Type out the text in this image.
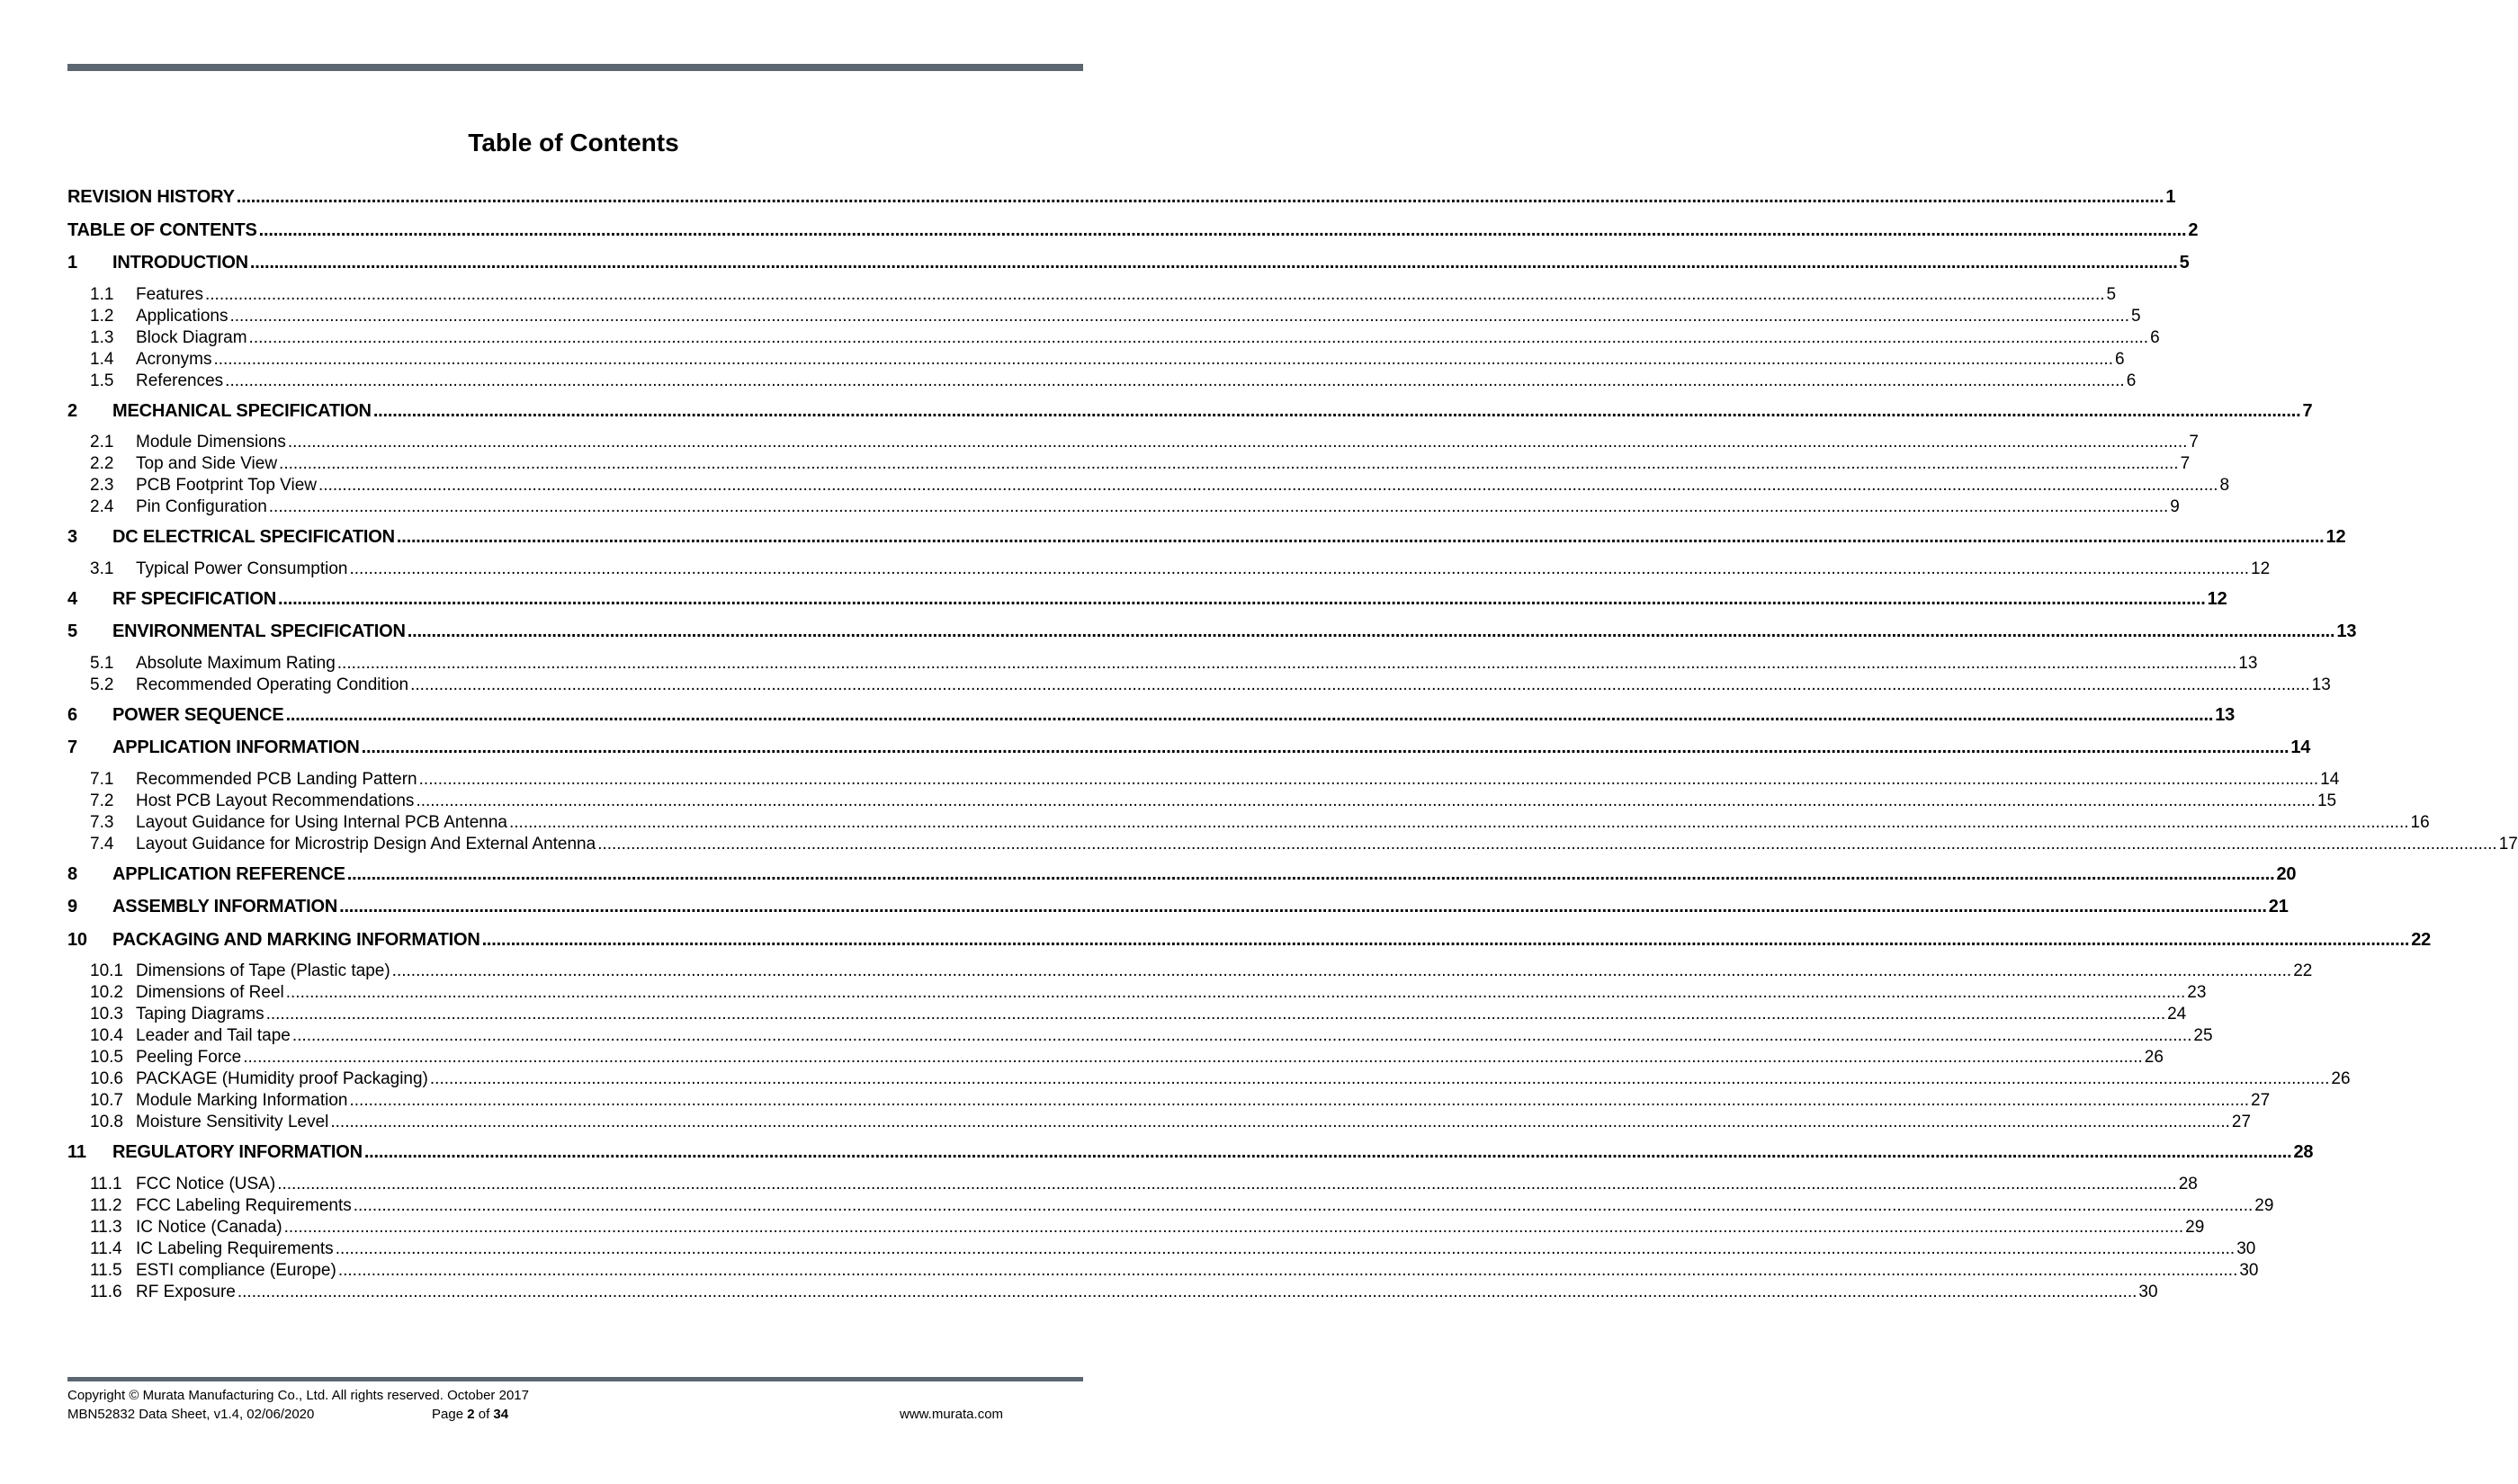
Table of Contents
REVISION HISTORY ................................................................................................................................................................................................................................................................................................................................................................................................................ 1
TABLE OF CONTENTS ................................................................................................................................................................................................................................................................................................................................................................................................................ 2
1	INTRODUCTION ................................................................................................................................................................................................................................................................................................................................................................................................................ 5
1.1	Features ................................................................................................................................................................................................................................................................................................................................................................................................................ 5
1.2	Applications ................................................................................................................................................................................................................................................................................................................................................................................................................ 5
1.3	Block Diagram ................................................................................................................................................................................................................................................................................................................................................................................................................ 6
1.4	Acronyms ................................................................................................................................................................................................................................................................................................................................................................................................................ 6
1.5	References ................................................................................................................................................................................................................................................................................................................................................................................................................ 6
2	MECHANICAL SPECIFICATION ................................................................................................................................................................................................................................................................................................................................................................................................................ 7
2.1	Module Dimensions ................................................................................................................................................................................................................................................................................................................................................................................................................ 7
2.2	Top and Side View ................................................................................................................................................................................................................................................................................................................................................................................................................ 7
2.3	PCB Footprint Top View ................................................................................................................................................................................................................................................................................................................................................................................................................ 8
2.4	Pin Configuration ................................................................................................................................................................................................................................................................................................................................................................................................................ 9
3	DC ELECTRICAL SPECIFICATION ................................................................................................................................................................................................................................................................................................................................................................................................................ 12
3.1	Typical Power Consumption ................................................................................................................................................................................................................................................................................................................................................................................................................ 12
4	RF SPECIFICATION ................................................................................................................................................................................................................................................................................................................................................................................................................ 12
5	ENVIRONMENTAL SPECIFICATION ................................................................................................................................................................................................................................................................................................................................................................................................................ 13
5.1	Absolute Maximum Rating ................................................................................................................................................................................................................................................................................................................................................................................................................ 13
5.2	Recommended Operating Condition ................................................................................................................................................................................................................................................................................................................................................................................................................ 13
6	POWER SEQUENCE ................................................................................................................................................................................................................................................................................................................................................................................................................ 13
7	APPLICATION INFORMATION ................................................................................................................................................................................................................................................................................................................................................................................................................ 14
7.1	Recommended PCB Landing Pattern ................................................................................................................................................................................................................................................................................................................................................................................................................ 14
7.2	Host PCB Layout Recommendations ................................................................................................................................................................................................................................................................................................................................................................................................................ 15
7.3	Layout Guidance for Using Internal PCB Antenna ................................................................................................................................................................................................................................................................................................................................................................................................................ 16
7.4	Layout Guidance for Microstrip Design And External Antenna ................................................................................................................................................................................................................................................................................................................................................................................................................ 17
8	APPLICATION REFERENCE ................................................................................................................................................................................................................................................................................................................................................................................................................ 20
9	ASSEMBLY INFORMATION ................................................................................................................................................................................................................................................................................................................................................................................................................ 21
10	PACKAGING AND MARKING INFORMATION ................................................................................................................................................................................................................................................................................................................................................................................................................ 22
10.1 Dimensions of Tape (Plastic tape) ................................................................................................................................................................................................................................................................................................................................................................................................................ 22
10.2 Dimensions of Reel ................................................................................................................................................................................................................................................................................................................................................................................................................ 23
10.3 Taping Diagrams ................................................................................................................................................................................................................................................................................................................................................................................................................ 24
10.4 Leader and Tail tape ................................................................................................................................................................................................................................................................................................................................................................................................................ 25
10.5 Peeling Force ................................................................................................................................................................................................................................................................................................................................................................................................................ 26
10.6 PACKAGE (Humidity proof Packaging) ................................................................................................................................................................................................................................................................................................................................................................................................................ 26
10.7 Module Marking Information ................................................................................................................................................................................................................................................................................................................................................................................................................ 27
10.8 Moisture Sensitivity Level ................................................................................................................................................................................................................................................................................................................................................................................................................ 27
11	REGULATORY INFORMATION ................................................................................................................................................................................................................................................................................................................................................................................................................ 28
11.1 FCC Notice (USA) ................................................................................................................................................................................................................................................................................................................................................................................................................ 28
11.2 FCC Labeling Requirements ................................................................................................................................................................................................................................................................................................................................................................................................................ 29
11.3 IC Notice (Canada) ................................................................................................................................................................................................................................................................................................................................................................................................................ 29
11.4 IC Labeling Requirements ................................................................................................................................................................................................................................................................................................................................................................................................................ 30
11.5 ESTI compliance (Europe) ................................................................................................................................................................................................................................................................................................................................................................................................................ 30
11.6 RF Exposure ................................................................................................................................................................................................................................................................................................................................................................................................................ 30
Copyright © Murata Manufacturing Co., Ltd. All rights reserved. October 2017
MBN52832 Data Sheet, v1.4, 02/06/2020	Page 2 of 34	www.murata.com
